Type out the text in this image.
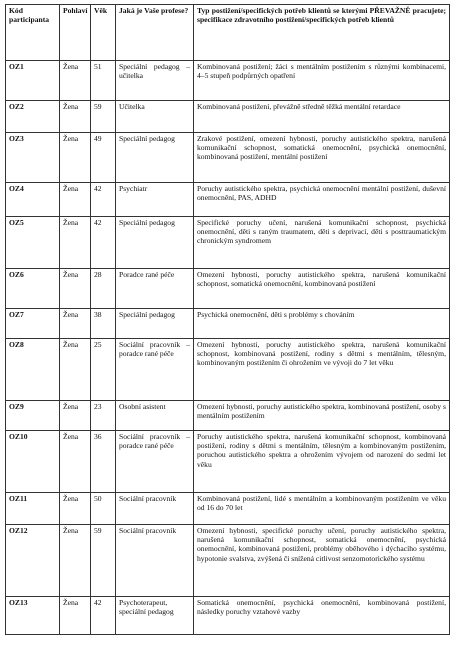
Kód participanta	Pohlaví	Věk	Jaká je Vaše profese?	Typ postižení/specifických potřeb klientů se kterými PŘEVAŽNĚ pracujete; specifikace zdravotního postižení/specifických potřeb klientů
OZ1	Žena	51	Speciální pedagog – učitelka	Kombinovaná postižení; žáci s mentálním postižením s různými kombinacemi, 4–5 stupeň podpůrných opatření
OZ2	Žena	59	Učitelka	Kombinovaná postižení, převážně středně těžká mentální retardace
OZ3	Žena	49	Speciální pedagog	Zrakové postižení, omezení hybnosti, poruchy autistického spektra, narušená komunikační schopnost, somatická onemocnění, psychická onemocnění, kombinovaná postižení, mentální postižení
OZ4	Žena	42	Psychiatr	Poruchy autistického spektra, psychická onemocnění mentální postižení, duševní onemocnění, PAS, ADHD
OZ5	Žena	42	Speciální pedagog	Specifické poruchy učení, narušená komunikační schopnost, psychická onemocnění, děti s raným traumatem, děti s deprivací, děti s posttraumatickým chronickým syndromem
OZ6	Žena	28	Poradce rané péče	Omezení hybnosti, poruchy autistického spektra, narušená komunikační schopnost, somatická onemocnění, kombinovaná postižení
OZ7	Žena	38	Speciální pedagog	Psychická onemocnění, děti s problémy s chováním
OZ8	Žena	25	Sociální pracovník – poradce rané péče	Omezení hybnosti, poruchy autistického spektra, narušená komunikační schopnost, kombinovaná postižení, rodiny s dětmi s mentálním, tělesným, kombinovaným postižením či ohrožením ve vývoji do 7 let věku
OZ9	Žena	23	Osobní asistent	Omezení hybnosti, poruchy autistického spektra, kombinovaná postižení, osoby s mentálním postižením
OZ10	Žena	36	Sociální pracovník – poradce rané péče	Poruchy autistického spektra, narušená komunikační schopnost, kombinovaná postižení, rodiny s dětmi s mentálním, tělesným a kombinovaným postižením, poruchou autistického spektra a ohrožením vývojem od narození do sedmi let věku
OZ11	Žena	50	Sociální pracovník	Kombinovaná postižení, lidé s mentálním a kombinovaným postižením ve věku od 16 do 70 let
OZ12	Žena	59	Sociální pracovník	Omezení hybnosti, specifické poruchy učení, poruchy autistického spektra, narušená komunikační schopnost, somatická onemocnění, psychická onemocnění, kombinovaná postižení, problémy oběhového i dýchacího systému, hypotonie svalstva, zvýšená či snížená citlivost senzomotorického systému
OZ13	Žena	42	Psychoterapeut, speciální pedagog	Somatická onemocnění, psychická onemocnění, kombinovaná postižení, následky poruchy vztahové vazby
